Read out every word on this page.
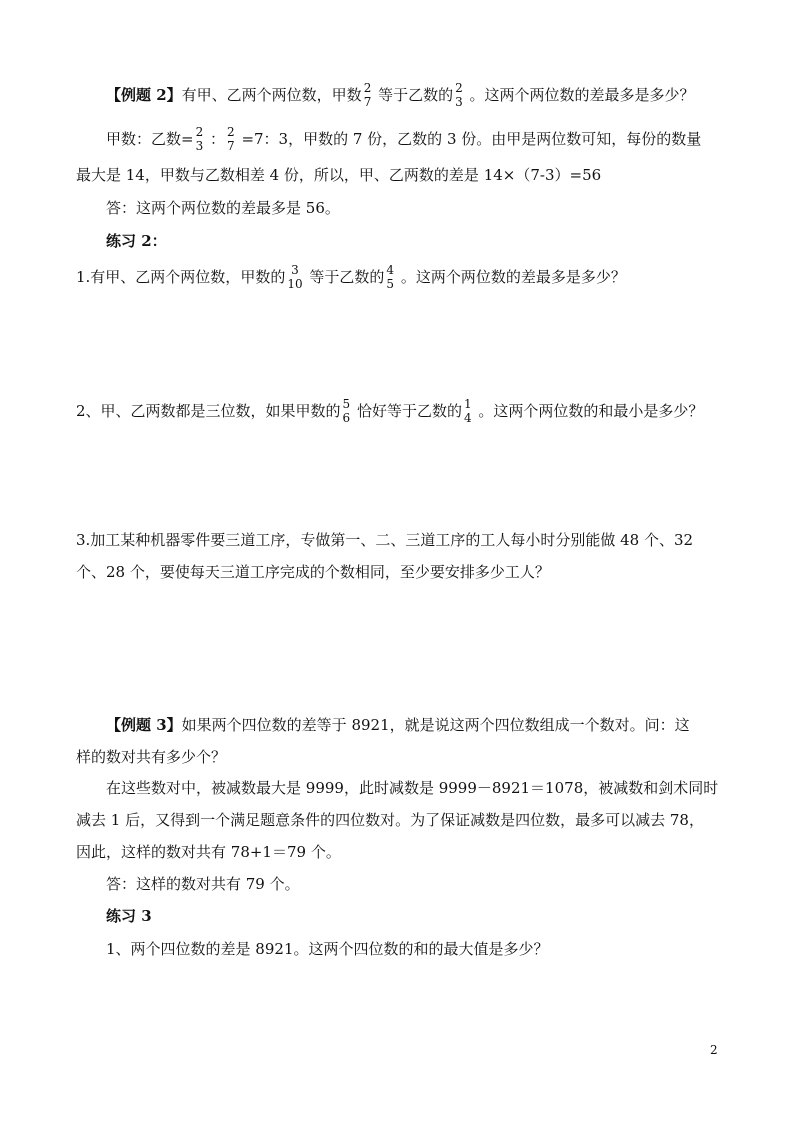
【例题 2】有甲、乙两个两位数，甲数 2
7 等于乙数的 2
3 。这两个两位数的差最多是多少？
甲数：乙数= 2
3 ： 2
7 =7：3，甲数的 7 份，乙数的 3 份。由甲是两位数可知，每份的数量
最大是 14，甲数与乙数相差 4 份，所以，甲、乙两数的差是 14×（7-3）=56
答：这两个两位数的差最多是 56。
练习 2：
1.有甲、乙两个两位数，甲数的 3
10 等于乙数的 4
5 。这两个两位数的差最多是多少？
2、甲、乙两数都是三位数，如果甲数的 5
6 恰好等于乙数的 1
4 。这两个两位数的和最小是多少？
3.加工某种机器零件要三道工序，专做第一、二、三道工序的工人每小时分别能做 48 个、32
个、28 个，要使每天三道工序完成的个数相同，至少要安排多少工人？
【例题 3】如果两个四位数的差等于 8921，就是说这两个四位数组成一个数对。问：这
样的数对共有多少个？
在这些数对中，被减数最大是 9999，此时减数是 9999－8921＝1078，被减数和剑术同时
减去 1 后，又得到一个满足题意条件的四位数对。为了保证减数是四位数，最多可以减去 78，
因此，这样的数对共有 78+1＝79 个。
答：这样的数对共有 79 个。
练习 3
1、两个四位数的差是 8921。这两个四位数的和的最大值是多少？
2
